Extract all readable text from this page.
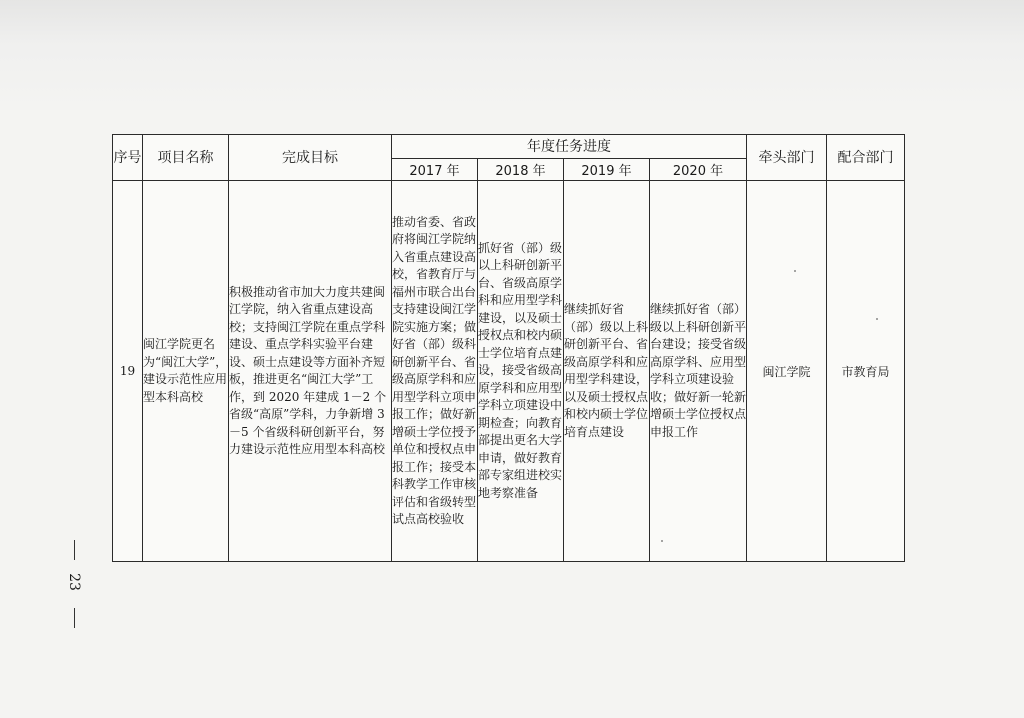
序号	项目名称	完成目标	年度任务进度				牵头部门	配合部门
			2017 年	2018 年	2019 年	2020 年		
19	闽江学院更名为“闽江大学”，建设示范性应用型本科高校	积极推动省市加大力度共建闽江学院，纳入省重点建设高校；支持闽江学院在重点学科建设、重点学科实验平台建设、硕士点建设等方面补齐短板，推进更名“闽江大学”工作，到 2020 年建成 1－2 个省级“高原”学科，力争新增 3－5 个省级科研创新平台，努力建设示范性应用型本科高校	推动省委、省政府将闽江学院纳入省重点建设高校，省教育厅与福州市联合出台支持建设闽江学院实施方案；做好省（部）级科研创新平台、省级高原学科和应用型学科立项申报工作；做好新增硕士学位授予单位和授权点申报工作；接受本科教学工作审核评估和省级转型试点高校验收	抓好省（部）级以上科研创新平台、省级高原学科和应用型学科建设，以及硕士授权点和校内硕士学位培育点建设，接受省级高原学科和应用型学科立项建设中期检查；向教育部提出更名大学申请，做好教育部专家组进校实地考察准备	继续抓好省（部）级以上科研创新平台、省级高原学科和应用型学科建设，以及硕士授权点和校内硕士学位培育点建设	继续抓好省（部）级以上科研创新平台建设；接受省级高原学科、应用型学科立项建设验收；做好新一轮新增硕士学位授权点申报工作	闽江学院	市教育局
23
